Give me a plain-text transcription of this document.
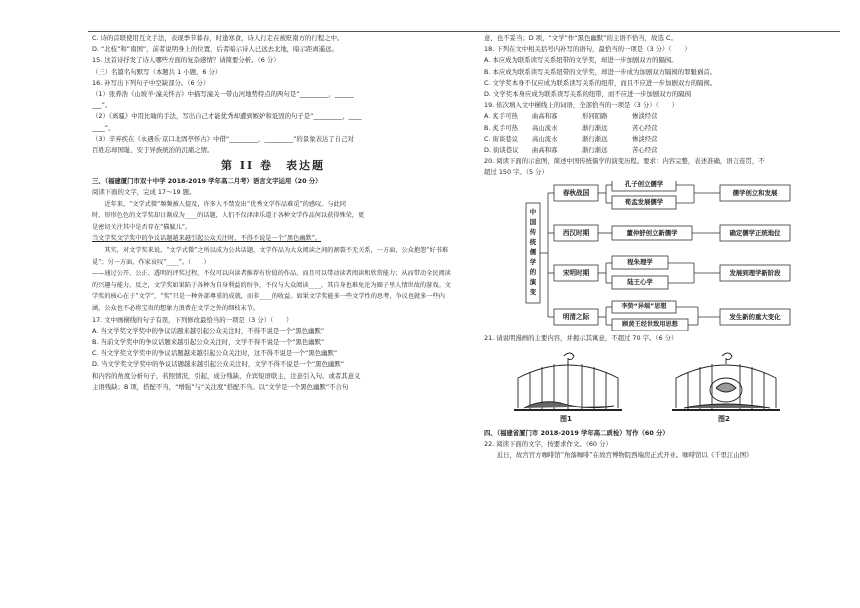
C. 诗的首联使用互文手法，表现季节暮春，时逢寒食，诗人行走在被贬南方的行程之中。

D. “北枝”和“南国”，前者说明身上的位置，后者暗示诗人已远去北地，暗示距离遥远。

15. 这首诗抒发了诗人哪些方面的复杂感情？请简要分析。（6 分）

（三）名篇名句默写（本题共 1 小题，6 分）

16. 补写出下列句子中空缺部分。（6 分）

（1）张养浩《山坡羊·潼关怀古》中描写潼关一带山河地势特点的两句是“_________，______

___”。

（2）《离骚》中用比喻的手法，写出自己才能优秀却遭到嫉妒和诋毁的句子是“_________，____

____”。

（3）辛弃疾在《永遇乐·京口北固亭怀古》中借“_________，_________”的景象表达了自己对

百姓忘却国耻、安于异族统治的沉痛之情。

第 II 卷　表达题

三、（福建厦门市双十中学 2018-2019 学年高二月考）语言文字运用（20 分）

阅读下面的文字，完成 17～19 题。

近年来，“文学式微”频频被人提及，许多人不禁发出“优秀文学作品难觅”的感叹。与此同

时，形形色色的文学奖却日渐成为____的话题，人们不仅津津乐道于各种文学作品何以获得殊荣，更

是密切关注其中是否存在“猫腻儿”。

当文学奖文学奖中的争议话题越来越引起公众关注时，不得不说是一个“黑色幽默”。

其实，对文学奖来说，“文学式微”之所以成为公共话题，文学作品为大众阅读之间的割裂不无关系，一方面，公众抱怨“好书难觅”；另一方面，作家哀叹“____”。（　　）

——通过公开、公正、透明的评奖过程，不仅可以向读者推荐有价值的作品，而且可以带动读者阅读和欣赏能力；从而带动全民阅读的兴趣与能力。反之，文学奖如果陷于各种为自身利益的纷争，不仅与大众阅读____，其自身也难免沦为圈子里人情世故的游戏。文学奖的核心在于“文学”，“奖”只是一种外部尊重的成就，而非____的收益。如果文学奖能多一些文学性的思考，争议也就多一些内涵，公众也不必将宝贵的想象力浪费在文学之外的细枝末节。

17. 文中画横线的句子有误，下列修改最恰当的一项是（3 分）（　　）

A. 当文学奖文学奖中的争议话题来越引起公众关注时，不得不说是一个“黑色幽默”

B. 当前文学奖中的争议话题来越引起公众关注时，文学不得不说是一个“黑色幽默”

C. 当文学奖文学奖中的争议话题越来越引起公众关注时，这不得不说是一个“黑色幽默”

D. 当文学奖文学奖中的争议话题越来越引起公众关注时，文学不得不说是一个“黑色幽默”

和内容的角度分析句子，若照情况，引起，成分残缺、介宾短语联主，注意引入句。或者其意义

主语残缺；B 项，搭配不当，“增强”与“关注度”搭配不当。以“文学是一个黑色幽默”不合句

意，也不妥当；D 项，“文学”作“黑色幽默”的主语不恰当，故选 C。

18. 下列在文中相关括号内补写的语句，最恰当的一项是（3 分）（　　）

A. 本应成为联系读写关系纽带的文学奖，却进一步加剧双方的隔阂。

B. 本应成为联系读写关系纽带的文学奖，却进一步成为加剧双方隔阂的罪魁祸首。

C. 文学奖本身不仅应成为联系读写关系的纽带，而且不应进一步加剧双方的隔阂。

D. 文学奖本身应成为联系读写关系的纽带，而不应进一步加剧双方的隔阂

19. 依次填入文中横线上的词语，全部恰当的一项是（3 分）（　　）

A. 炙手可热	曲高和寡	形同陌路	惨淡经营
B. 炙手可热	高山流水	渐行渐远	苦心经营
C. 街谈巷议	高山流水	渐行渐远	惨淡经营
D. 街谈巷议	曲高和寡	渐行渐远	苦心经营

20. 阅读下面的示意图，简述中国传统儒学的演变历程。要求：内容完整，表述准确，语言连贯，不

超过 150 字。（5 分）

中国传统儒学的演变
春秋战国
西汉时期
宋明时期
明清之际
孔子创立儒学
荀孟发展儒学
董仲舒创立新儒学
程朱理学
陆王心学
李贽“异端”思想
顾黄王经世致用思想
儒学创立和发展
确定儒学正统地位
发展到理学新阶段
发生新的重大变化

21. 请说明漫画的主要内容，并揭示其寓意，不超过 70 字。（6 分）

图1	图2

四、（福建省厦门市 2018-2019 学年高二质检）写作（60 分）

22. 阅读下面的文字，按要求作文。（60 分）

近日，故宫官方咖啡馆“角落咖啡”在故宫博物院西端房正式开业。咖啡馆以《千里江山图》
